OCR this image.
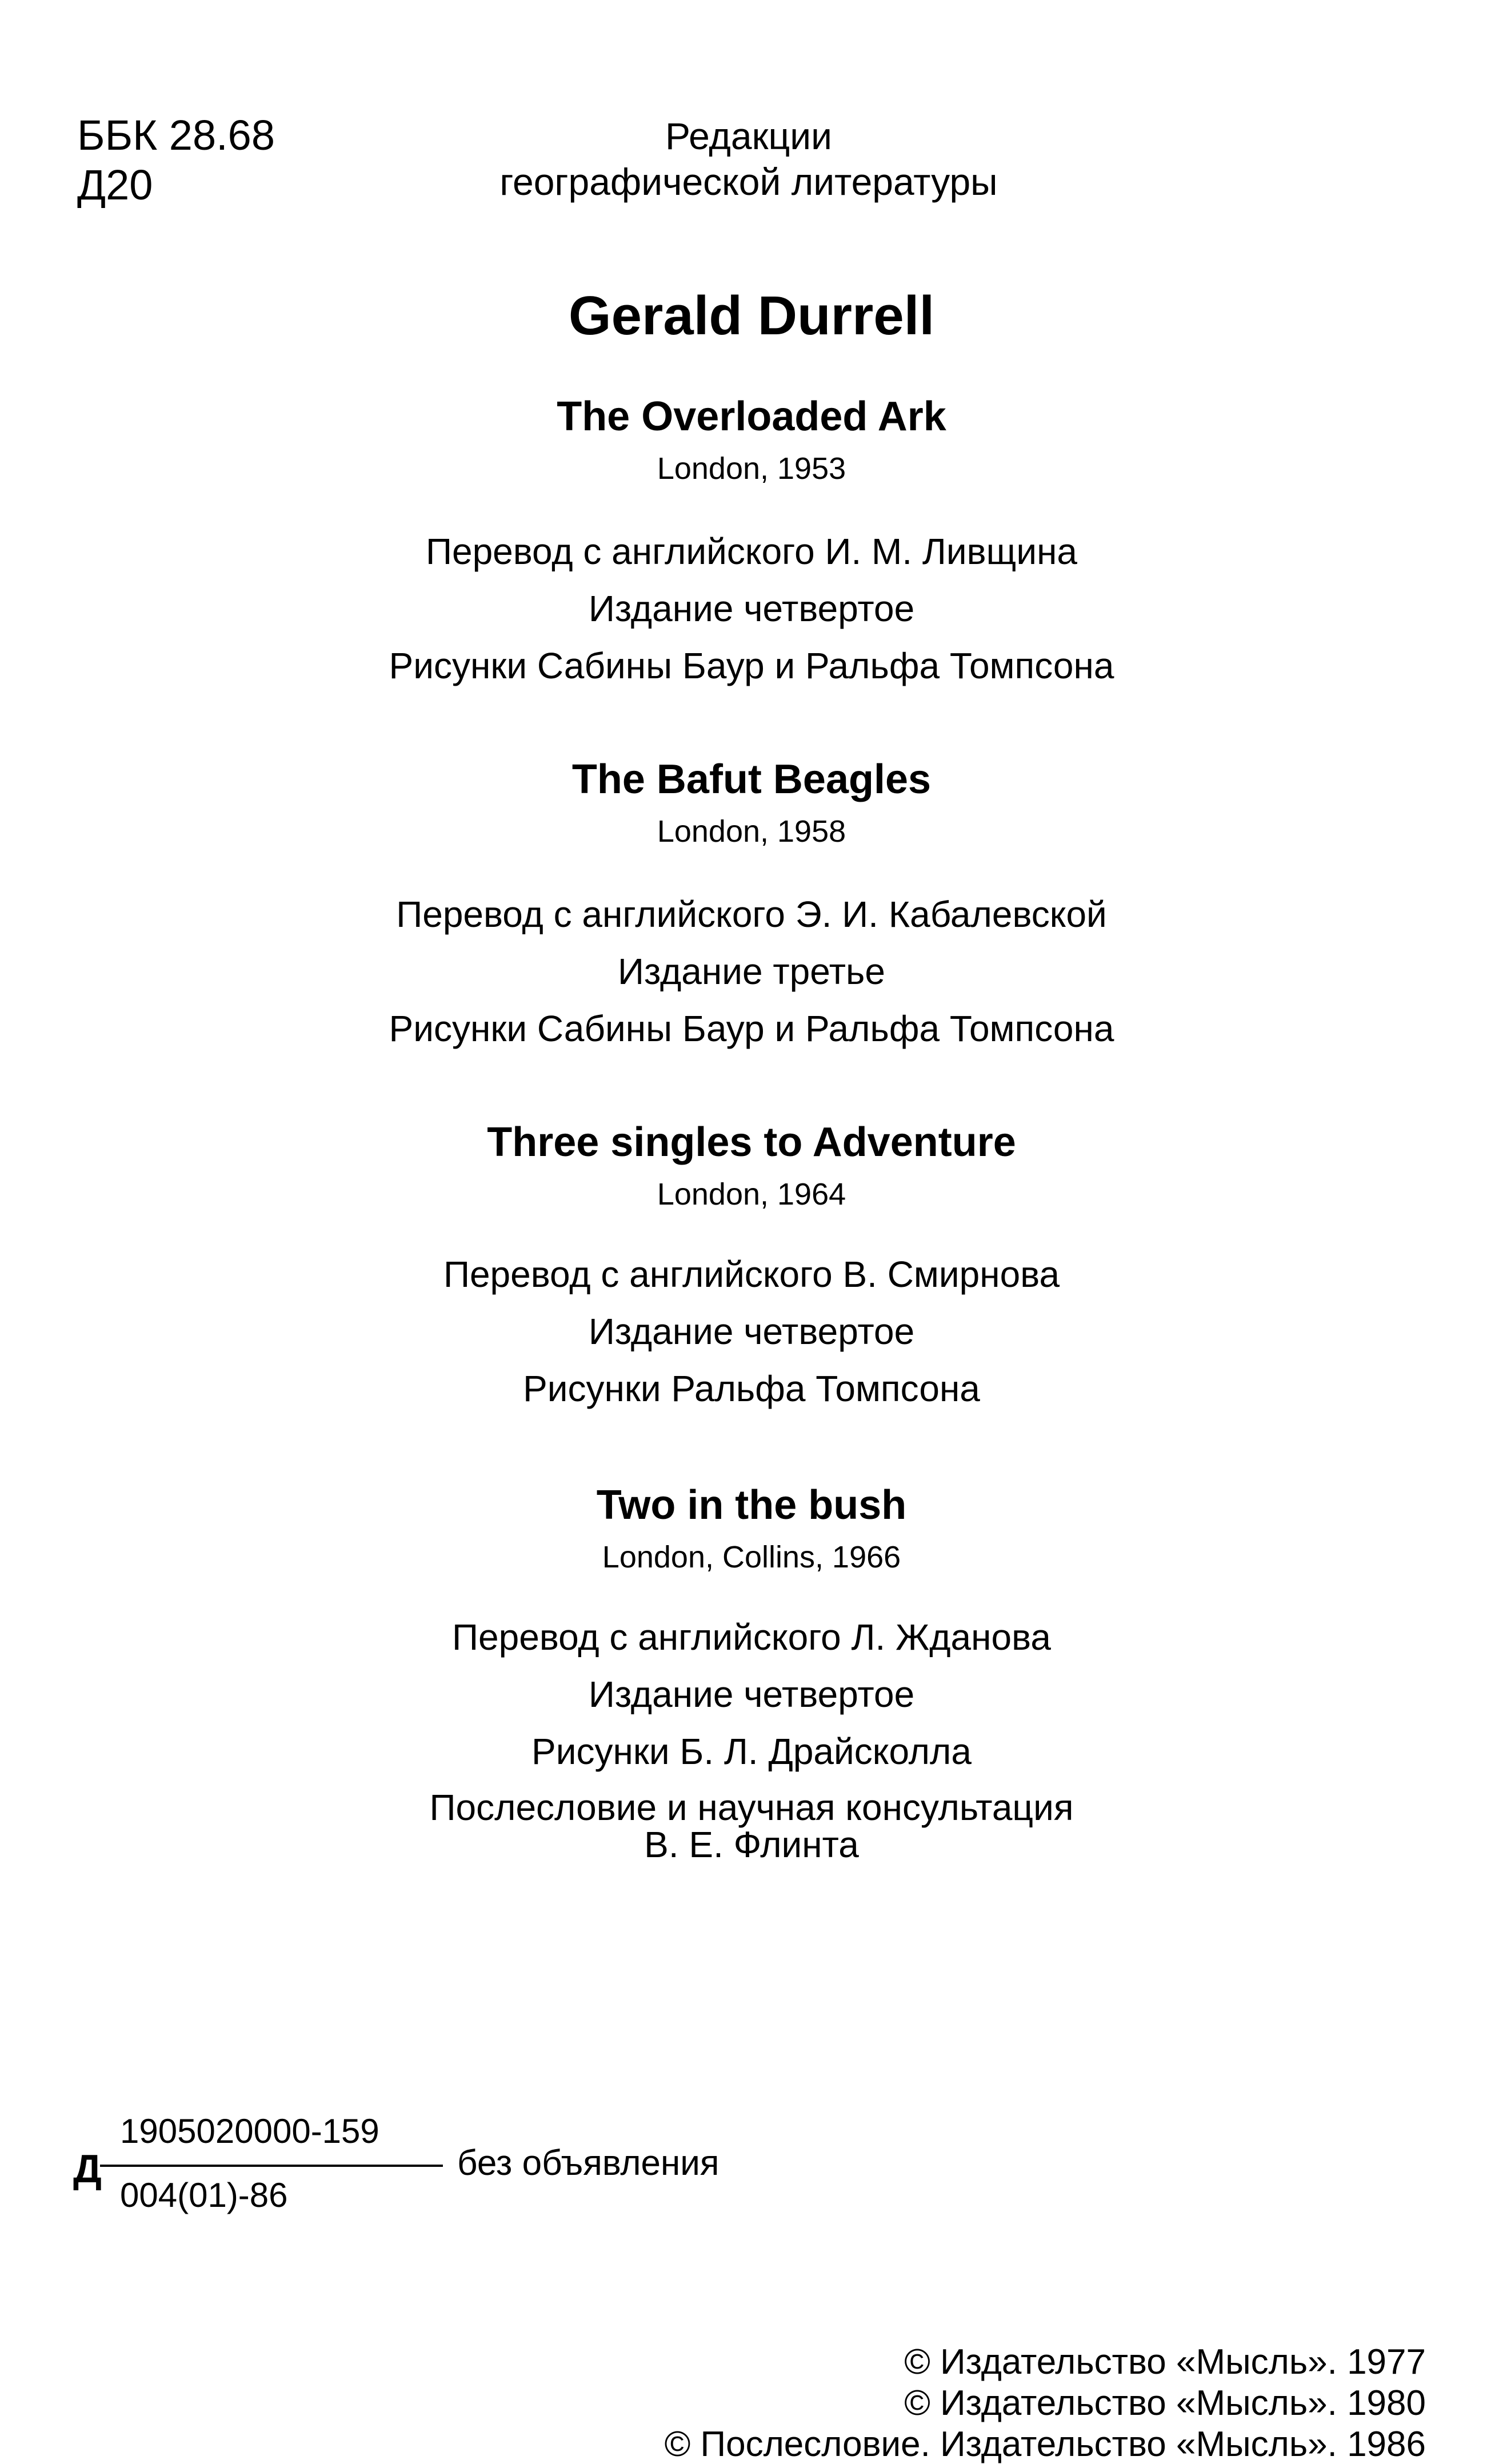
ББК 28.68
Д20
Редакции
географической литературы
Gerald Durrell
The Overloaded Ark
London, 1953
Перевод с английского И. М. Ливщина
Издание четвертое
Рисунки Сабины Баур и Ральфа Томпсона
The Bafut Beagles
London, 1958
Перевод с английского Э. И. Кабалевской
Издание третье
Рисунки Сабины Баур и Ральфа Томпсона
Three singles to Adventure
London, 1964
Перевод с английского В. Смирнова
Издание четвертое
Рисунки Ральфа Томпсона
Two in the bush
London, Collins, 1966
Перевод с английского Л. Жданова
Издание четвертое
Рисунки Б. Л. Драйсколла
Послесловие и научная консультация
В. Е. Флинта
Д
1905020000-159
004(01)-86
без объявления
© Издательство «Мысль». 1977
© Издательство «Мысль». 1980
© Послесловие. Издательство «Мысль». 1986
